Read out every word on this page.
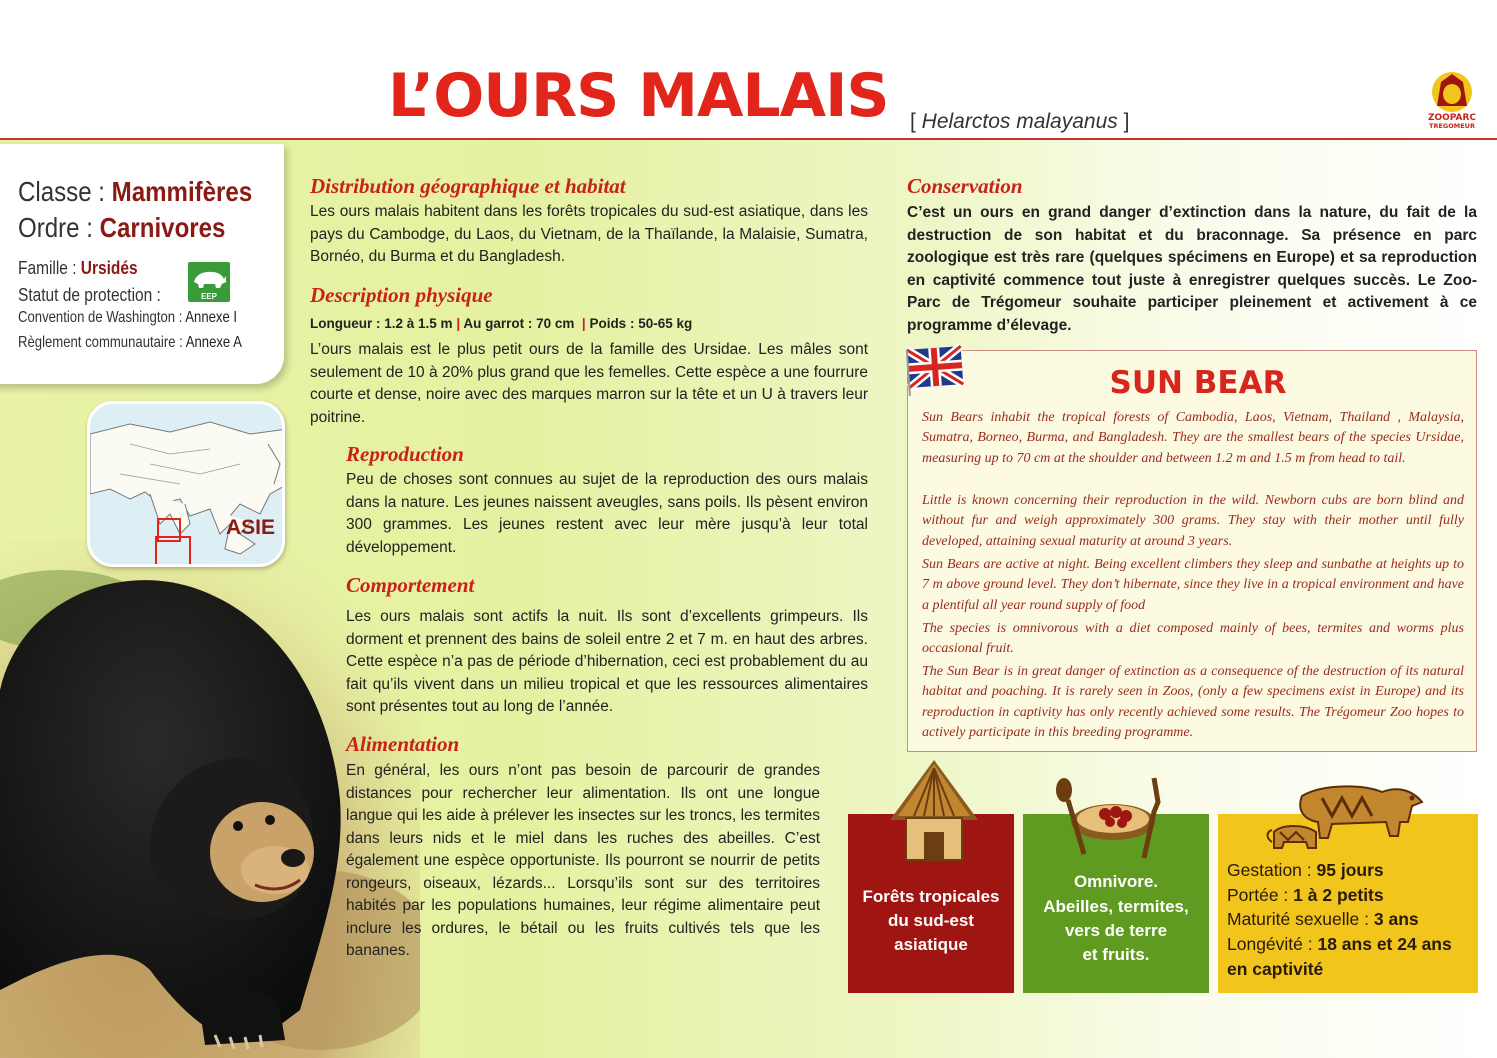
L’OURS MALAIS [ Helarctos malayanus ]	ZOOPARC
TREGOMEUR
Classe : Mammifères
Ordre : Carnivores
Famille : Ursidés
Statut de protection :
Convention de Washington : Annexe I
Règlement communautaire : Annexe A
EEP
ASIE
Distribution géographique et habitat
Les ours malais habitent dans les forêts tropicales du sud-est asiatique, dans les pays du Cambodge, du Laos, du Vietnam, de la Thaïlande, la Malaisie, Sumatra, Bornéo, du Burma et du Bangladesh.
Description physique
Longueur : 1.2 à 1.5 m | Au garrot : 70 cm | Poids : 50-65 kg
L’ours malais est le plus petit ours de la famille des Ursidae. Les mâles sont seulement de 10 à 20% plus grand que les femelles. Cette espèce a une fourrure courte et dense, noire avec des marques marron sur la tête et un U à travers leur poitrine.
Reproduction
Peu de choses sont connues au sujet de la reproduction des ours malais dans la nature. Les jeunes naissent aveugles, sans poils. Ils pèsent environ 300 grammes. Les jeunes restent avec leur mère jusqu’à leur total développement.
Comportement
Les ours malais sont actifs la nuit. Ils sont d’excellents grimpeurs. Ils dorment et prennent des bains de soleil entre 2 et 7 m. en haut des arbres. Cette espèce n’a pas de période d’hibernation, ceci est probablement du au fait qu’ils vivent dans un milieu tropical et que les ressources alimentaires sont présentes tout au long de l’année.
Alimentation
En général, les ours n’ont pas besoin de parcourir de grandes distances pour rechercher leur alimentation. Ils ont une longue langue qui les aide à prélever les insectes sur les troncs, les termites dans leurs nids et le miel dans les ruches des abeilles. C’est également une espèce opportuniste. Ils pourront se nourrir de petits rongeurs, oiseaux, lézards... Lorsqu’ils sont sur des territoires habités par les populations humaines, leur régime alimentaire peut inclure les ordures, le bétail ou les fruits cultivés tels que les bananes.
Conservation
C’est un ours en grand danger d’extinction dans la nature, du fait de la destruction de son habitat et du braconnage. Sa présence en parc zoologique est très rare (quelques spécimens en Europe) et sa reproduction en captivité commence tout juste à enregistrer quelques succès. Le Zoo-Parc de Trégomeur souhaite participer pleinement et activement à ce programme d’élevage.
SUN BEAR
Sun Bears inhabit the tropical forests of Cambodia, Laos, Vietnam, Thailand , Malaysia, Sumatra, Borneo, Burma, and Bangladesh. They are the smallest bears of the species Ursidae, measuring up to 70 cm at the shoulder and between 1.2 m and 1.5 m from head to tail.
Little is known concerning their reproduction in the wild. Newborn cubs are born blind and without fur and weigh approximately 300 grams. They stay with their mother until fully developed, attaining sexual maturity at around 3 years.
Sun Bears are active at night. Being excellent climbers they sleep and sunbathe at heights up to 7 m above ground level. They don’t hibernate, since they live in a tropical environment and have a plentiful all year round supply of food
The species is omnivorous with a diet composed mainly of bees, termites and worms plus occasional fruit.
The Sun Bear is in great danger of extinction as a consequence of the destruction of its natural habitat and poaching. It is rarely seen in Zoos, (only a few specimens exist in Europe) and its reproduction in captivity has only recently achieved some results. The Trégomeur Zoo hopes to actively participate in this breeding programme.
Forêts tropicales
du sud-est
asiatique
Omnivore.
Abeilles, termites,
vers de terre
et fruits.
Gestation : 95 jours
Portée : 1 à 2 petits
Maturité sexuelle : 3 ans
Longévité : 18 ans et 24 ans
en captivité
